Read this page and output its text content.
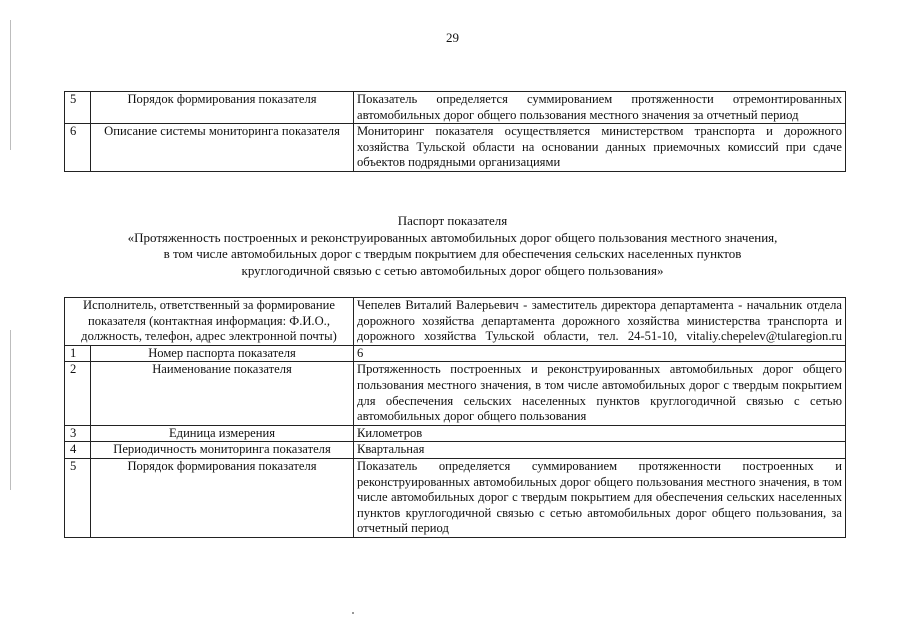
29
5	Порядок формирования показателя	Показатель определяется суммированием протяженности отремонтированных автомобильных дорог общего пользования местного значения за отчетный период
6	Описание системы мониторинга показателя	Мониторинг показателя осуществляется министерством транспорта и дорожного хозяйства Тульской области на основании данных приемочных комиссий при сдаче объектов подрядными организациями
Паспорт показателя
«Протяженность построенных и реконструированных автомобильных дорог общего пользования местного значения,
в том числе автомобильных дорог с твердым покрытием для обеспечения сельских населенных пунктов
круглогодичной связью с сетью автомобильных дорог общего пользования»
Исполнитель, ответственный за формирование показателя (контактная информация: Ф.И.О., должность, телефон, адрес электронной почты)		Чепелев Виталий Валерьевич - заместитель директора департамента - начальник отдела дорожного хозяйства департамента дорожного хозяйства министерства транспорта и дорожного хозяйства Тульской области, тел. 24-51-10, vitaliy.chepelev@tularegion.ru
1	Номер паспорта показателя	6
2	Наименование показателя	Протяженность построенных и реконструированных автомобильных дорог общего пользования местного значения, в том числе автомобильных дорог с твердым покрытием для обеспечения сельских населенных пунктов круглогодичной связью с сетью автомобильных дорог общего пользования
3	Единица измерения	Километров
4	Периодичность мониторинга показателя	Квартальная
5	Порядок формирования показателя	Показатель определяется суммированием протяженности построенных и реконструированных автомобильных дорог общего пользования местного значения, в том числе автомобильных дорог с твердым покрытием для обеспечения сельских населенных пунктов круглогодичной связью с сетью автомобильных дорог общего пользования, за отчетный период
